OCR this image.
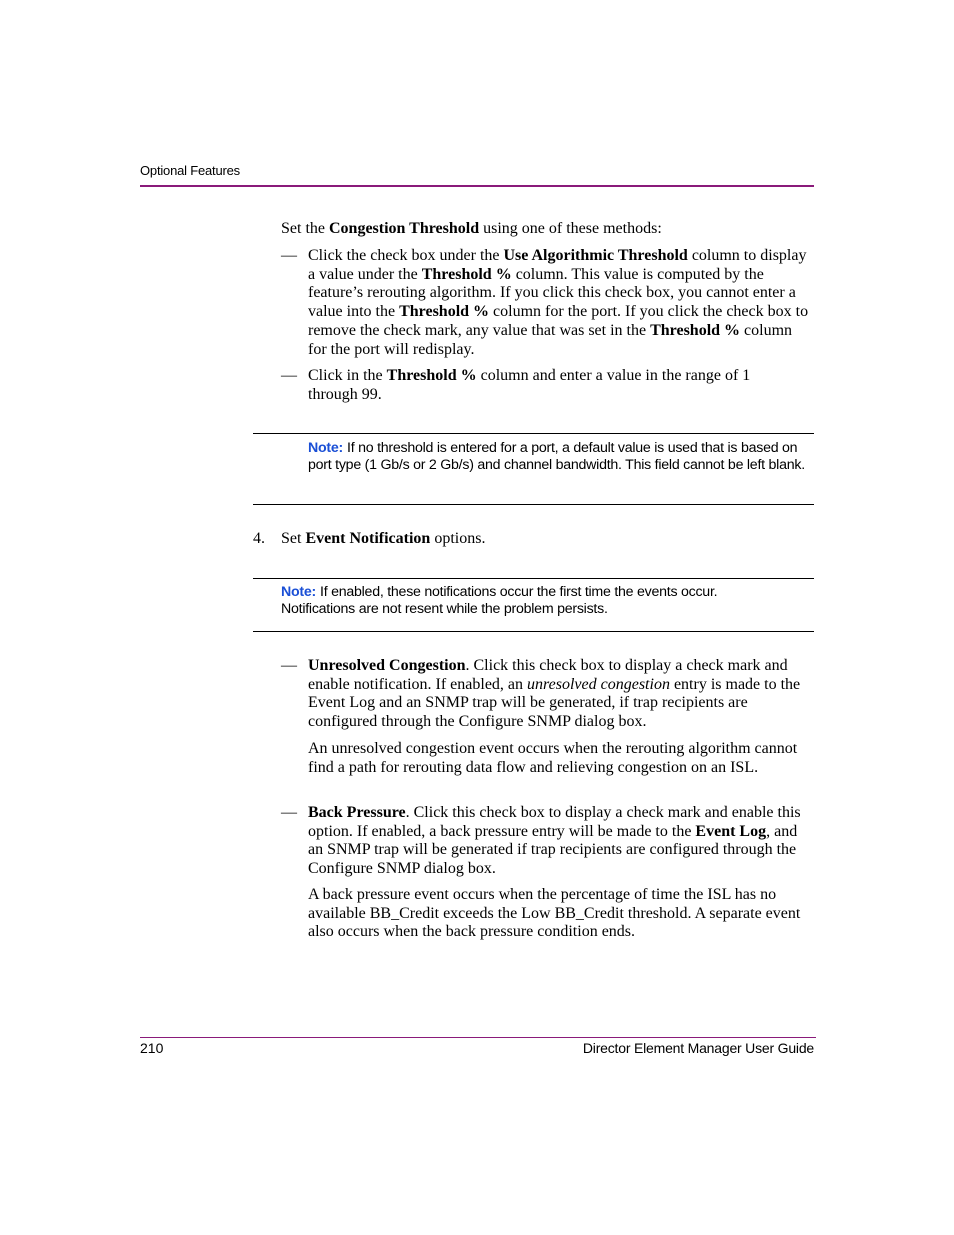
Optional Features
Set the Congestion Threshold using one of these methods:
— Click the check box under the Use Algorithmic Threshold column to display a value under the Threshold % column. This value is computed by the feature’s rerouting algorithm. If you click this check box, you cannot enter a value into the Threshold % column for the port. If you click the check box to remove the check mark, any value that was set in the Threshold % column for the port will redisplay.
— Click in the Threshold % column and enter a value in the range of 1 through 99.
Note: If no threshold is entered for a port, a default value is used that is based on port type (1 Gb/s or 2 Gb/s) and channel bandwidth. This field cannot be left blank.
4. Set Event Notification options.
Note: If enabled, these notifications occur the first time the events occur. Notifications are not resent while the problem persists.
— Unresolved Congestion. Click this check box to display a check mark and enable notification. If enabled, an unresolved congestion entry is made to the Event Log and an SNMP trap will be generated, if trap recipients are configured through the Configure SNMP dialog box.
An unresolved congestion event occurs when the rerouting algorithm cannot find a path for rerouting data flow and relieving congestion on an ISL.
— Back Pressure. Click this check box to display a check mark and enable this option. If enabled, a back pressure entry will be made to the Event Log, and an SNMP trap will be generated if trap recipients are configured through the Configure SNMP dialog box.
A back pressure event occurs when the percentage of time the ISL has no available BB_Credit exceeds the Low BB_Credit threshold. A separate event also occurs when the back pressure condition ends.
210	Director Element Manager User Guide
